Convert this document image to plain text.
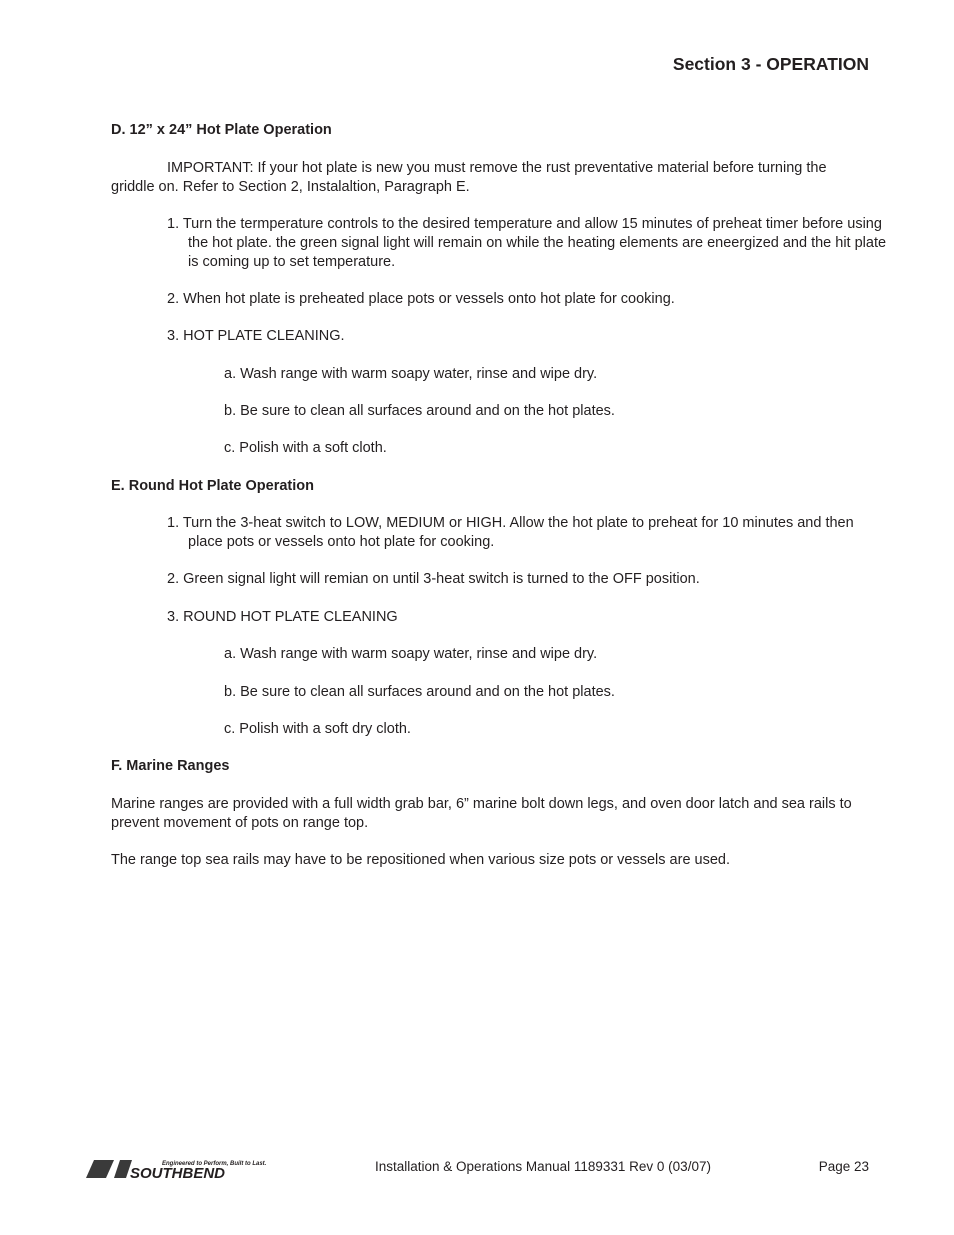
Section 3 - OPERATION
D. 12” x 24” Hot Plate Operation

IMPORTANT: If your hot plate is new you must remove the rust preventative material before turning the griddle on. Refer to Section 2, Instalaltion, Paragraph E.

1. Turn the termperature controls to the desired temperature and allow 15 minutes of preheat timer before using the hot plate. the green signal light will remain on while the heating elements are eneergized and the hit plate is coming up to set temperature.

2. When hot plate is preheated place pots or vessels onto hot plate for cooking.

3. HOT PLATE CLEANING.

a. Wash range with warm soapy water, rinse and wipe dry.

b. Be sure to clean all surfaces around and on the hot plates.

c. Polish with a soft cloth.

E. Round Hot Plate Operation

1. Turn the 3-heat switch to LOW, MEDIUM or HIGH. Allow the hot plate to preheat for 10 minutes and then place pots or vessels onto hot plate for cooking.

2. Green signal light will remian on until 3-heat switch is turned to the OFF position.

3. ROUND HOT PLATE CLEANING

a. Wash range with warm soapy water, rinse and wipe dry.

b. Be sure to clean all surfaces around and on the hot plates.

c. Polish with a soft dry cloth.

F. Marine Ranges

Marine ranges are provided with a full width grab bar, 6” marine bolt down legs, and oven door latch and sea rails to prevent movement of pots on range top.

The range top sea rails may have to be repositioned when various size pots or vessels are used.

Engineered to Perform, Built to Last.
SOUTHBEND	Installation & Operations Manual 1189331 Rev 0 (03/07)	Page 23
